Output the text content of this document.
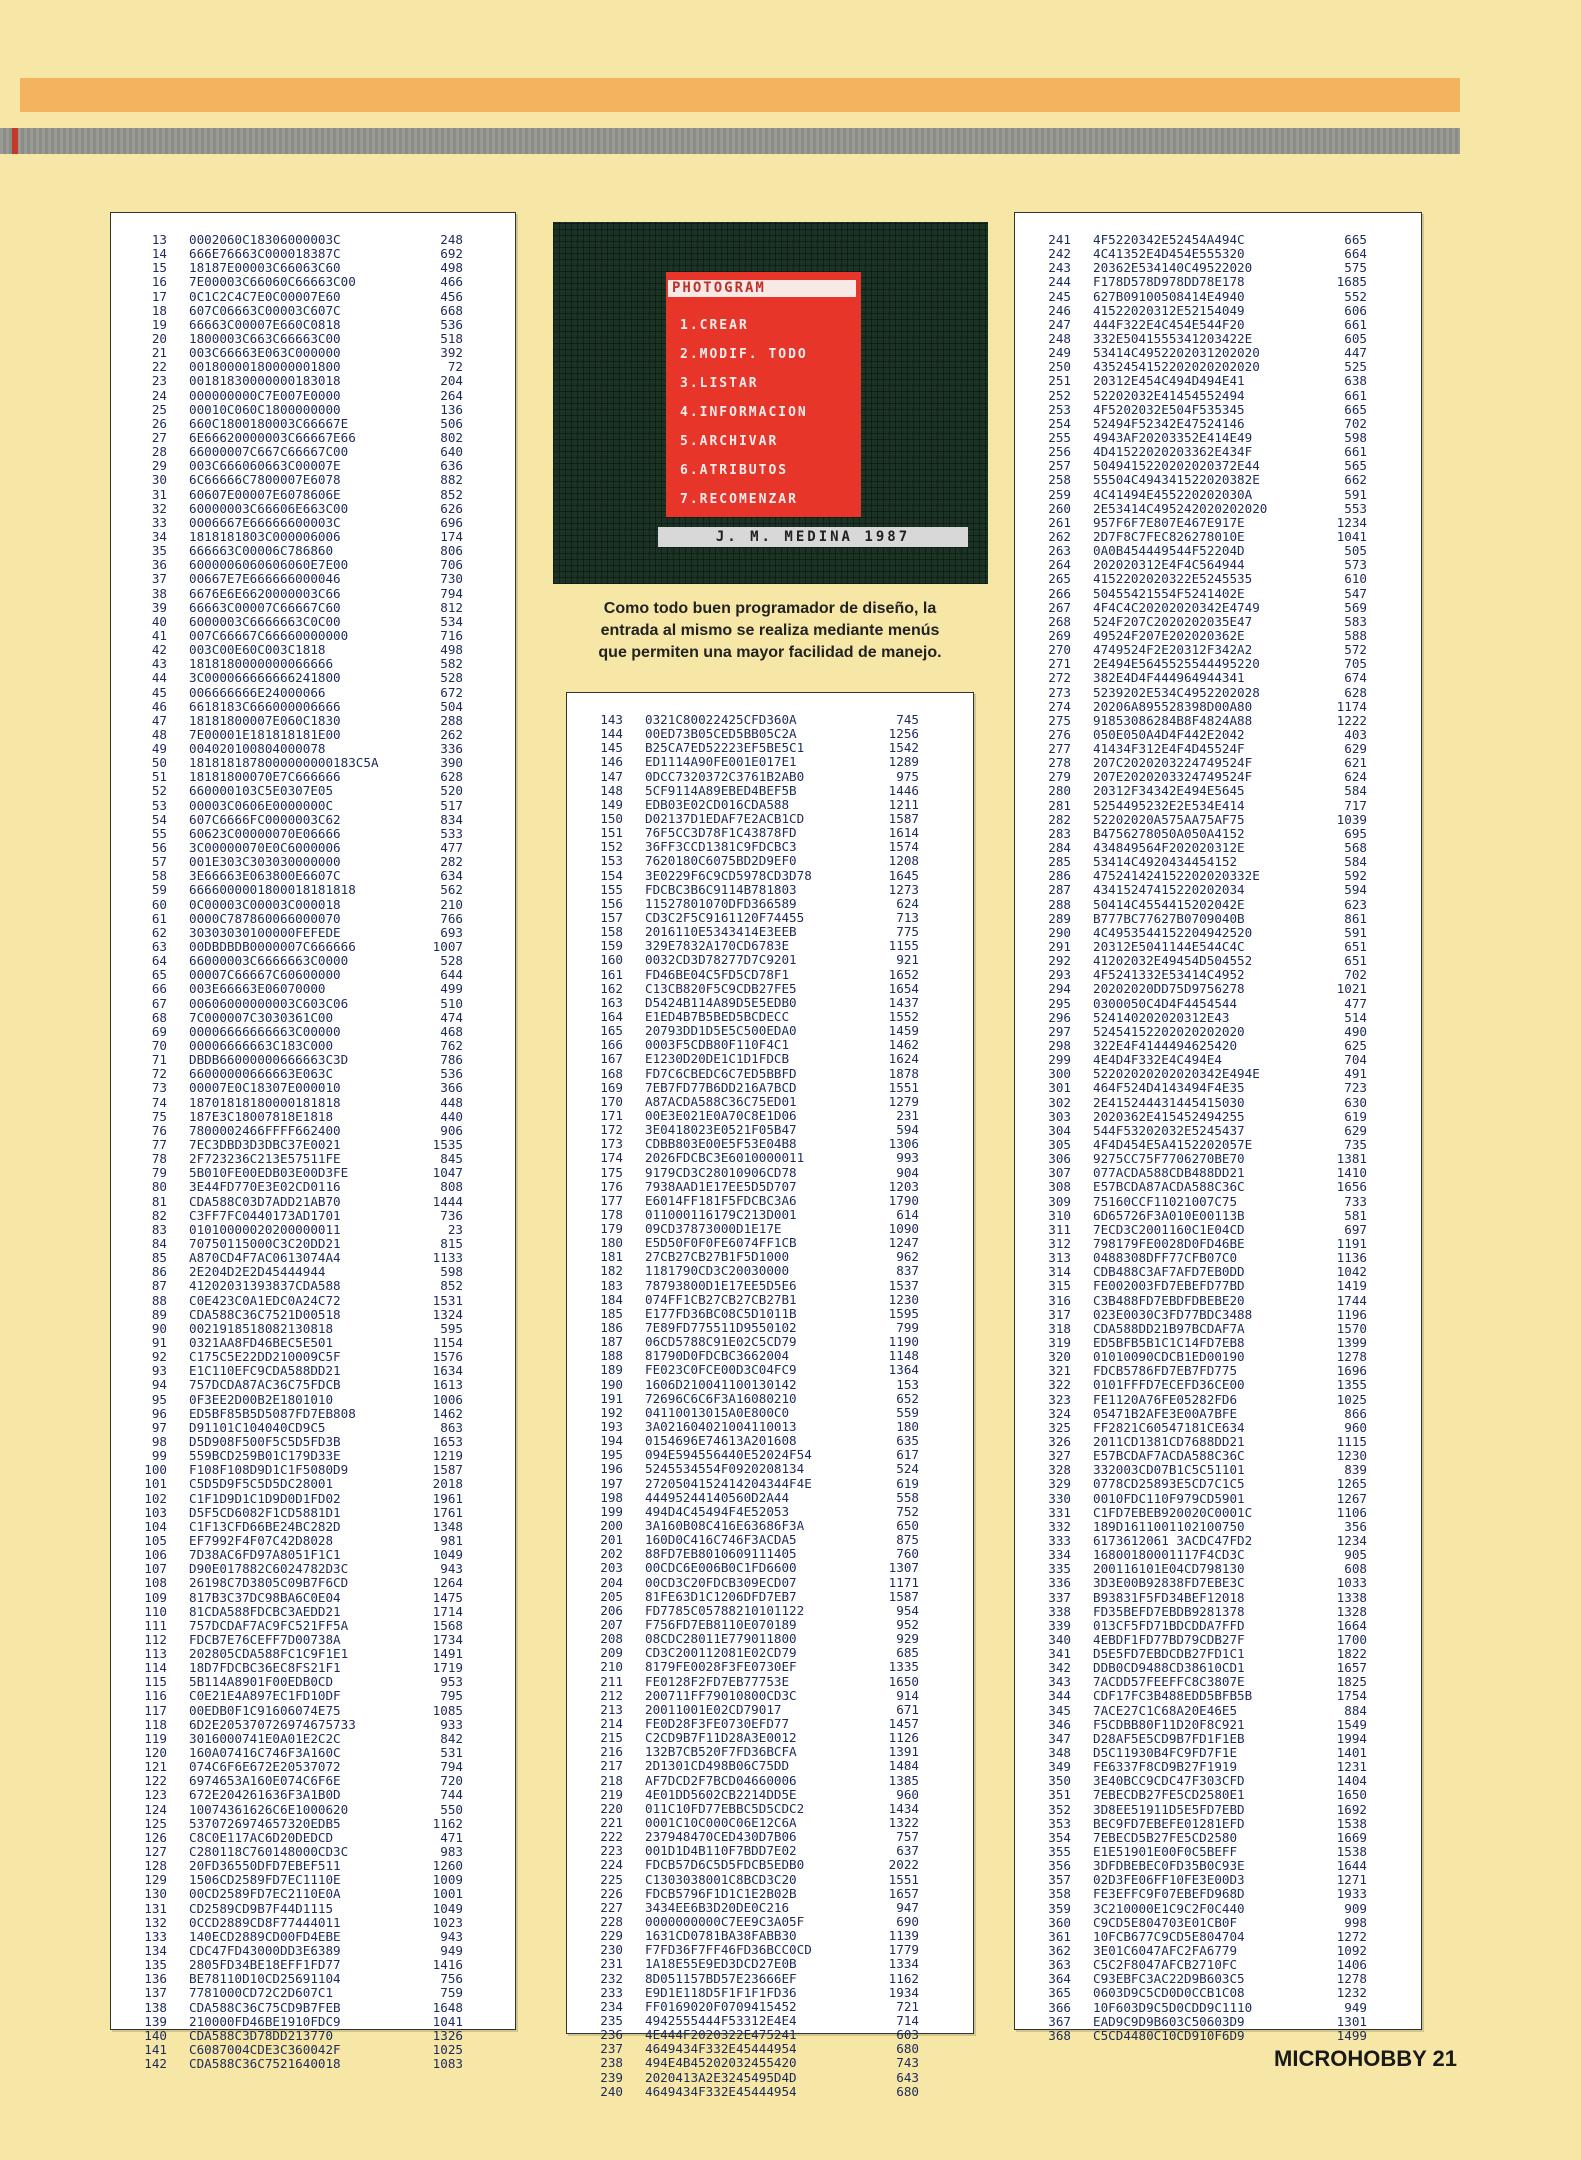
13	0002060C18306000003C	248
14	666E76663C000018387C	692
15	18187E00003C66063C60	498
16	7E00003C66060C66663C00	466
17	0C1C2C4C7E0C00007E60	456
18	607C06663C00003C607C	668
19	66663C00007E660C0818	536
20	1800003C663C66663C00	518
21	003C66663E063C000000	392
22	00180000180000001800	72
23	00181830000000183018	204
24	000000000C7E007E0000	264
25	00010C060C1800000000	136
26	660C1800180003C66667E	506
27	6E66620000003C66667E66	802
28	66000007C667C66667C00	640
29	003C666060663C00007E	636
30	6C66666C7800007E6078	882
31	60607E00007E6078606E	852
32	60000003C66606E663C00	626
33	0006667E66666600003C	696
34	1818181803C000006006	174
35	666663C00006C786860	806
36	6000006060606060E7E00	706
37	00667E7E666666000046	730
38	6676E6E6620000003C66	794
39	66663C00007C66667C60	812
40	6000003C6666663C0C00	534
41	007C66667C66660000000	716
42	003C00E60C003C1818	498
43	1818180000000066666	582
44	3C000066666666241800	528
45	006666666E24000066	672
46	6618183C666000006666	504
47	18181800007E060C1830	288
48	7E00001E181818181E00	262
49	004020100804000078	336
50	1818181878000000000183C5A	390
51	18181800070E7C666666	628
52	660000103C5E0307E05	520
53	00003C0606E0000000C	517
54	607C6666FC0000003C62	834
55	60623C00000070E06666	533
56	3C00000070E0C6000006	477
57	001E303C303030000000	282
58	3E66663E063800E6607C	634
59	6666000001800018181818	562
60	0C00003C00003C000018	210
61	0000C787860066000070	766
62	30303030100000FEFEDE	693
63	00DBDBDB0000007C666666	1007
64	66000003C6666663C0000	528
65	00007C66667C60600000	644
66	003E66663E06070000	499
67	00606000000003C603C06	510
68	7C000007C3030361C00	474
69	00006666666663C00000	468
70	00006666663C183C000	762
71	DBDB66000000666663C3D	786
72	66000000666663E063C	536
73	00007E0C18307E000010	366
74	18701818180000181818	448
75	187E3C18007818E1818	440
76	7800002466FFFF662400	906
77	7EC3DBD3D3DBC37E0021	1535
78	2F723236C213E57511FE	845
79	5B010FE00EDB03E00D3FE	1047
80	3E44FD770E3E02CD0116	808
81	CDA588C03D7ADD21AB70	1444
82	C3FF7FC0440173AD1701	736
83	01010000020200000011	23
84	70750115000C3C20DD21	815
85	A870CD4F7AC0613074A4	1133
86	2E204D2E2D45444944	598
87	41202031393837CDA588	852
88	C0E423C0A1EDC0A24C72	1531
89	CDA588C36C7521D00518	1324
90	0021918518082130818	595
91	0321AA8FD46BEC5E501	1154
92	C175C5E22DD210009C5F	1576
93	E1C110EFC9CDA588DD21	1634
94	757DCDA87AC36C75FDCB	1613
95	0F3EE2D00B2E1801010	1006
96	ED5BF85B5D5087FD7EB808	1462
97	D91101C104040CD9C5	863
98	D5D908F500F5C5D5FD3B	1653
99	559BCD259B01C179D33E	1219
100	F108F108D9D1C1F5080D9	1587
101	C5D5D9F5C5D5DC28001	2018
102	C1F1D9D1C1D9D0D1FD02	1961
103	D5F5CD6082F1CD5881D1	1761
104	C1F13CFD66BE24BC282D	1348
105	EF7992F4F07C42D8028	981
106	7D38AC6FD97A8051F1C1	1049
107	D90E017882C6024782D3C	943
108	26198C7D3805C09B7F6CD	1264
109	817B3C37DC98BA6C0E04	1475
110	81CDA588FDCBC3AEDD21	1714
111	757DCDAF7AC9FC521FF5A	1568
112	FDCB7E76CEFF7D00738A	1734
113	202805CDA588FC1C9F1E1	1491
114	18D7FDCBC36EC8FS21F1	1719
115	5B114A8901F00EDB0CD	953
116	C0E21E4A897EC1FD10DF	795
117	00EDB0F1C91606074E75	1085
118	6D2E205370726974675733	933
119	3016000741E0A01E2C2C	842
120	160A07416C746F3A160C	531
121	074C6F6E672E20537072	794
122	6974653A160E074C6F6E	720
123	672E204261636F3A1B0D	744
124	10074361626C6E1000620	550
125	5370726974657320EDB5	1162
126	C8C0E117AC6D20DEDCD	471
127	C280118C760148000CD3C	983
128	20FD36550DFD7EBEF511	1260
129	1506CD2589FD7EC1110E	1009
130	00CD2589FD7EC2110E0A	1001
131	CD2589CD9B7F44D1115	1049
132	0CCD2889CD8F77444011	1023
133	140ECD2889CD00FD4EBE	943
134	CDC47FD43000DD3E6389	949
135	2805FD34BE18EFF1FD77	1416
136	BE78110D10CD25691104	756
137	7781000CD72C2D607C1	759
138	CDA588C36C75CD9B7FEB	1648
139	210000FD46BE1910FDC9	1041
140	CDA588C3D78DD213770	1326
141	C6087004CDE3C360042F	1025
142	CDA588C36C7521640018	1083
PHOTOGRAM
1.CREAR
2.MODIF. TODO
3.LISTAR
4.INFORMACION
5.ARCHIVAR
6.ATRIBUTOS
7.RECOMENZAR
J. M. MEDINA 1987
Como todo buen programador de diseño, la
entrada al mismo se realiza mediante menús
que permiten una mayor facilidad de manejo.
143	0321C80022425CFD360A	745
144	00ED73B05CED5BB05C2A	1256
145	B25CA7ED52223EF5BE5C1	1542
146	ED1114A90FE001E017E1	1289
147	0DCC7320372C3761B2AB0	975
148	5CF9114A89EBED4BEF5B	1446
149	EDB03E02CD016CDA588	1211
150	D02137D1EDAF7E2ACB1CD	1587
151	76F5CC3D78F1C43878FD	1614
152	36FF3CCD1381C9FDCBC3	1574
153	7620180C6075BD2D9EF0	1208
154	3E0229F6C9CD5978CD3D78	1645
155	FDCBC3B6C9114B781803	1273
156	11527801070DFD366589	624
157	CD3C2F5C9161120F74455	713
158	2016110E5343414E3EEB	775
159	329E7832A170CD6783E	1155
160	0032CD3D78277D7C9201	921
161	FD46BE04C5FD5CD78F1	1652
162	C13CB820F5C9CDB27FE5	1654
163	D5424B114A89D5E5EDB0	1437
164	E1ED4B7B5BED5BCDECC	1552
165	20793DD1D5E5C500EDA0	1459
166	0003F5CDB80F110F4C1	1462
167	E1230D20DE1C1D1FDCB	1624
168	FD7C6CBEDC6C7ED5BBFD	1878
169	7EB7FD77B6DD216A7BCD	1551
170	A87ACDA588C36C75ED01	1279
171	00E3E021E0A70C8E1D06	231
172	3E0418023E0521F05B47	594
173	CDBB803E00E5F53E04B8	1306
174	2026FDCBC3E6010000011	993
175	9179CD3C28010906CD78	904
176	7938AAD1E17EE5D5D707	1203
177	E6014FF181F5FDCBC3A6	1790
178	011000116179C213D001	614
179	09CD37873000D1E17E	1090
180	E5D50F0F0FE6074FF1CB	1247
181	27CB27CB27B1F5D1000	962
182	1181790CD3C20030000	837
183	78793800D1E17EE5D5E6	1537
184	074FF1CB27CB27CB27B1	1230
185	E177FD36BC08C5D1011B	1595
186	7E89FD775511D9550102	799
187	06CD5788C91E02C5CD79	1190
188	81790D0FDCBC3662004	1148
189	FE023C0FCE00D3C04FC9	1364
190	1606D210041100130142	153
191	72696C6C6F3A16080210	652
192	04110013015A0E800C0	559
193	3A021604021004110013	180
194	0154696E74613A201608	635
195	094E594556440E52024F54	617
196	5245534554F0920208134	524
197	2720504152414204344F4E	619
198	44495244140560D2A44	558
199	494D4C45494F4E52053	752
200	3A160B08C416E63686F3A	650
201	160D0C416C746F3ACDA5	875
202	88FD7EB8010609111405	760
203	00CDC6E006B0C1FD6600	1307
204	00CD3C20FDCB309ECD07	1171
205	81FE63D1C1206DFD7EB7	1587
206	FD7785C05788210101122	954
207	F756FD7EB8110E070189	952
208	08CDC28011E779011800	929
209	CD3C200112081E02CD79	685
210	8179FE0028F3FE0730EF	1335
211	FE0128F2FD7EB77753E	1650
212	200711FF79010800CD3C	914
213	20011001E02CD79017	671
214	FE0D28F3FE0730EFD77	1457
215	C2CD9B7F11D28A3E0012	1126
216	132B7CB520F7FD36BCFA	1391
217	2D1301CD498B06C75DD	1484
218	AF7DCD2F7BCD04660006	1385
219	4E01DD5602CB2214DD5E	960
220	011C10FD77EBBC5D5CDC2	1434
221	0001C10C000C06E12C6A	1322
222	237948470CED430D7B06	757
223	001D1D4B110F7BDD7E02	637
224	FDCB57D6C5D5FDCB5EDB0	2022
225	C1303038001C8BCD3C20	1551
226	FDCB5796F1D1C1E2B02B	1657
227	3434EE6B3D20DE0C216	947
228	0000000000C7EE9C3A05F	690
229	1631CD0781BA38FABB30	1139
230	F7FD36F7FF46FD36BCC0CD	1779
231	1A18E55E9ED3DCD27E0B	1334
232	8D051157BD57E23666EF	1162
233	E9D1E118D5F1F1F1FD36	1934
234	FF0169020F0709415452	721
235	4942555444F53312E4E4	714
236	4E444F2020322E475241	603
237	4649434F332E45444954	680
238	494E4B45202032455420	743
239	2020413A2E3245495D4D	643
240	4649434F332E45444954	680
241	4F5220342E52454A494C	665
242	4C41352E4D454E555320	664
243	20362E534140C49522020	575
244	F178D578D978DD78E178	1685
245	627B09100508414E4940	552
246	41522020312E52154049	606
247	444F322E4C454E544F20	661
248	332E5041555341203422E	605
249	53414C4952202031202020	447
250	4352454152202020202020	525
251	20312E454C494D494E41	638
252	52202032E41454552494	661
253	4F5202032E504F535345	665
254	52494F52342E47524146	702
255	4943AF20203352E414E49	598
256	4D41522020203362E434F	661
257	5049415220202020372E44	565
258	55504C494341522020382E	662
259	4C41494E455220202030A	591
260	2E53414C495242020202020	553
261	957F6F7E807E467E917E	1234
262	2D7F8C7FEC826278010E	1041
263	0A0B454449544F52204D	505
264	202020312E4F4C564944	573
265	4152202020322E5245535	610
266	50455421554F5241402E	547
267	4F4C4C20202020342E4749	569
268	524F207C2020202035E47	583
269	49524F207E202020362E	588
270	4749524F2E20312F342A2	572
271	2E494E5645525544495220	705
272	382E4D4F444964944341	674
273	5239202E534C4952202028	628
274	20206A895528398D00A80	1174
275	91853086284B8F4824A88	1222
276	050E050A4D4F442E2042	403
277	41434F312E4F4D45524F	629
278	207C2020203224749524F	621
279	207E2020203324749524F	624
280	20312F34342E494E5645	584
281	5254495232E2E534E414	717
282	52202020A575AA75AF75	1039
283	B4756278050A050A4152	695
284	434849564F202020312E	568
285	53414C4920434454152	584
286	475241424152202020332E	592
287	43415247415220202034	594
288	50414C4554415202042E	623
289	B777BC77627B0709040B	861
290	4C4953544152204942520	591
291	20312E5041144E544C4C	651
292	41202032E49454D504552	651
293	4F5241332E53414C4952	702
294	20202020DD75D9756278	1021
295	0300050C4D4F4454544	477
296	524140202020312E43	514
297	52454152202020202020	490
298	322E4F4144494625420	625
299	4E4D4F332E4C494E4	704
300	52202020202020342E494E	491
301	464F524D4143494F4E35	723
302	2E415244431445415030	630
303	2020362E415452494255	619
304	544F53202032E5245437	629
305	4F4D454E5A4152202057E	735
306	9275CC75F7706270BE70	1381
307	077ACDA588CDB488DD21	1410
308	E57BCDA87ACDA588C36C	1656
309	75160CCF11021007C75	733
310	6D65726F3A010E00113B	581
311	7ECD3C2001160C1E04CD	697
312	798179FE0028D0FD46BE	1191
313	0488308DFF77CFB07C0	1136
314	CDB488C3AF7AFD7EB0DD	1042
315	FE002003FD7EBEFD77BD	1419
316	C3B488FD7EBDFDBEBE20	1744
317	023E0030C3FD77BDC3488	1196
318	CDA588DD21B97BCDAF7A	1570
319	ED5BFB5B1C1C14FD7EB8	1399
320	01010090CDCB1ED00190	1278
321	FDCB5786FD7EB7FD775	1696
322	0101FFFD7ECEFD36CE00	1355
323	FE1120A76FE05282FD6	1025
324	05471B2AFE3E00A7BFE	866
325	FF2821C60547181CE634	960
326	2011CD1381CD7688DD21	1115
327	E57BCDAF7ACDA588C36C	1230
328	332003CD07B1C5C51101	839
329	0778CD25893E5CD7C1C5	1265
330	0010FDC110F979CD5901	1267
331	C1FD7EBEB920020C0001C	1106
332	189D1611001102100750	356
333	6173612061 3ACDC47FD2	1234
334	16800180001117F4CD3C	905
335	200116101E04CD798130	608
336	3D3E00B92838FD7EBE3C	1033
337	B93831F5FD34BEF12018	1338
338	FD35BEFD7EBDB9281378	1328
339	013CF5FD71BDCDDA7FFD	1664
340	4EBDF1FD77BD79CDB27F	1700
341	D5E5FD7EBDCDB27FD1C1	1822
342	DDB0CD9488CD38610CD1	1657
343	7ACDD57FEEFFC8C3807E	1825
344	CDF17FC3B488EDD5BFB5B	1754
345	7ACE27C1C68A20E46E5	884
346	F5CDBB80F11D20F8C921	1549
347	D28AF5E5CD9B7FD1F1EB	1994
348	D5C11930B4FC9FD7F1E	1401
349	FE6337F8CD9B27F1919	1231
350	3E40BCC9CDC47F303CFD	1404
351	7EBECDB27FE5CD2580E1	1650
352	3D8EE51911D5E5FD7EBD	1692
353	BEC9FD7EBEFE01281EFD	1538
354	7EBECD5B27FE5CD2580	1669
355	E1E51901E00F0C5BEFF	1538
356	3DFDBEBEC0FD35B0C93E	1644
357	02D3FE06FF10FE3E00D3	1271
358	FE3EFFC9F07EBEFD968D	1933
359	3C210000E1C9C2F0C440	909
360	C9CD5E804703E01CB0F	998
361	10FCB677C9CD5E804704	1272
362	3E01C6047AFC2FA6779	1092
363	C5C2F8047AFCB2710FC	1406
364	C93EBFC3AC22D9B603C5	1278
365	0603D9C5CD0D0CCB1C08	1232
366	10F603D9C5D0CDD9C1110	949
367	EAD9C9D9B603C50603D9	1301
368	C5CD4480C10CD910F6D9	1499
MICROHOBBY 21
